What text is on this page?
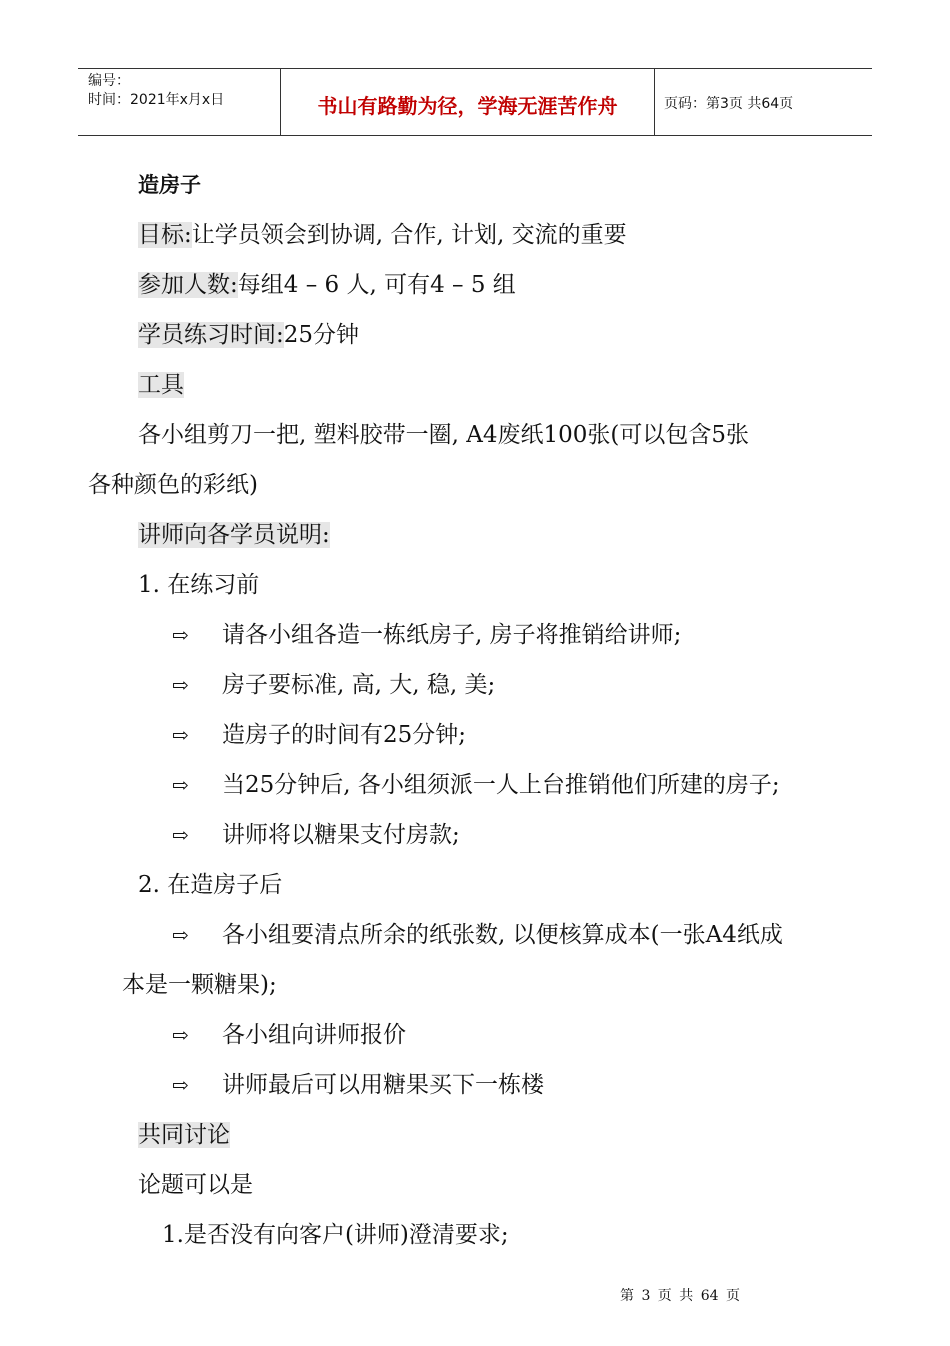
编号：
时间：2021年x月x日	书山有路勤为径，学海无涯苦作舟	页码：第3页 共64页
造房子
目标:让学员领会到协调, 合作, 计划, 交流的重要
参加人数:每组4 – 6 人, 可有4 – 5 组
学员练习时间:25分钟
工具
各小组剪刀一把, 塑料胶带一圈, A4废纸100张(可以包含5张
各种颜色的彩纸)
讲师向各学员说明:
1. 在练习前
⇨ 请各小组各造一栋纸房子, 房子将推销给讲师;
⇨ 房子要标准, 高, 大, 稳, 美;
⇨ 造房子的时间有25分钟;
⇨ 当25分钟后, 各小组须派一人上台推销他们所建的房子;
⇨ 讲师将以糖果支付房款;
2. 在造房子后
⇨ 各小组要清点所余的纸张数, 以便核算成本(一张A4纸成
本是一颗糖果);
⇨ 各小组向讲师报价
⇨ 讲师最后可以用糖果买下一栋楼
共同讨论
论题可以是
1.是否没有向客户(讲师)澄清要求;
第 3 页 共 64 页
